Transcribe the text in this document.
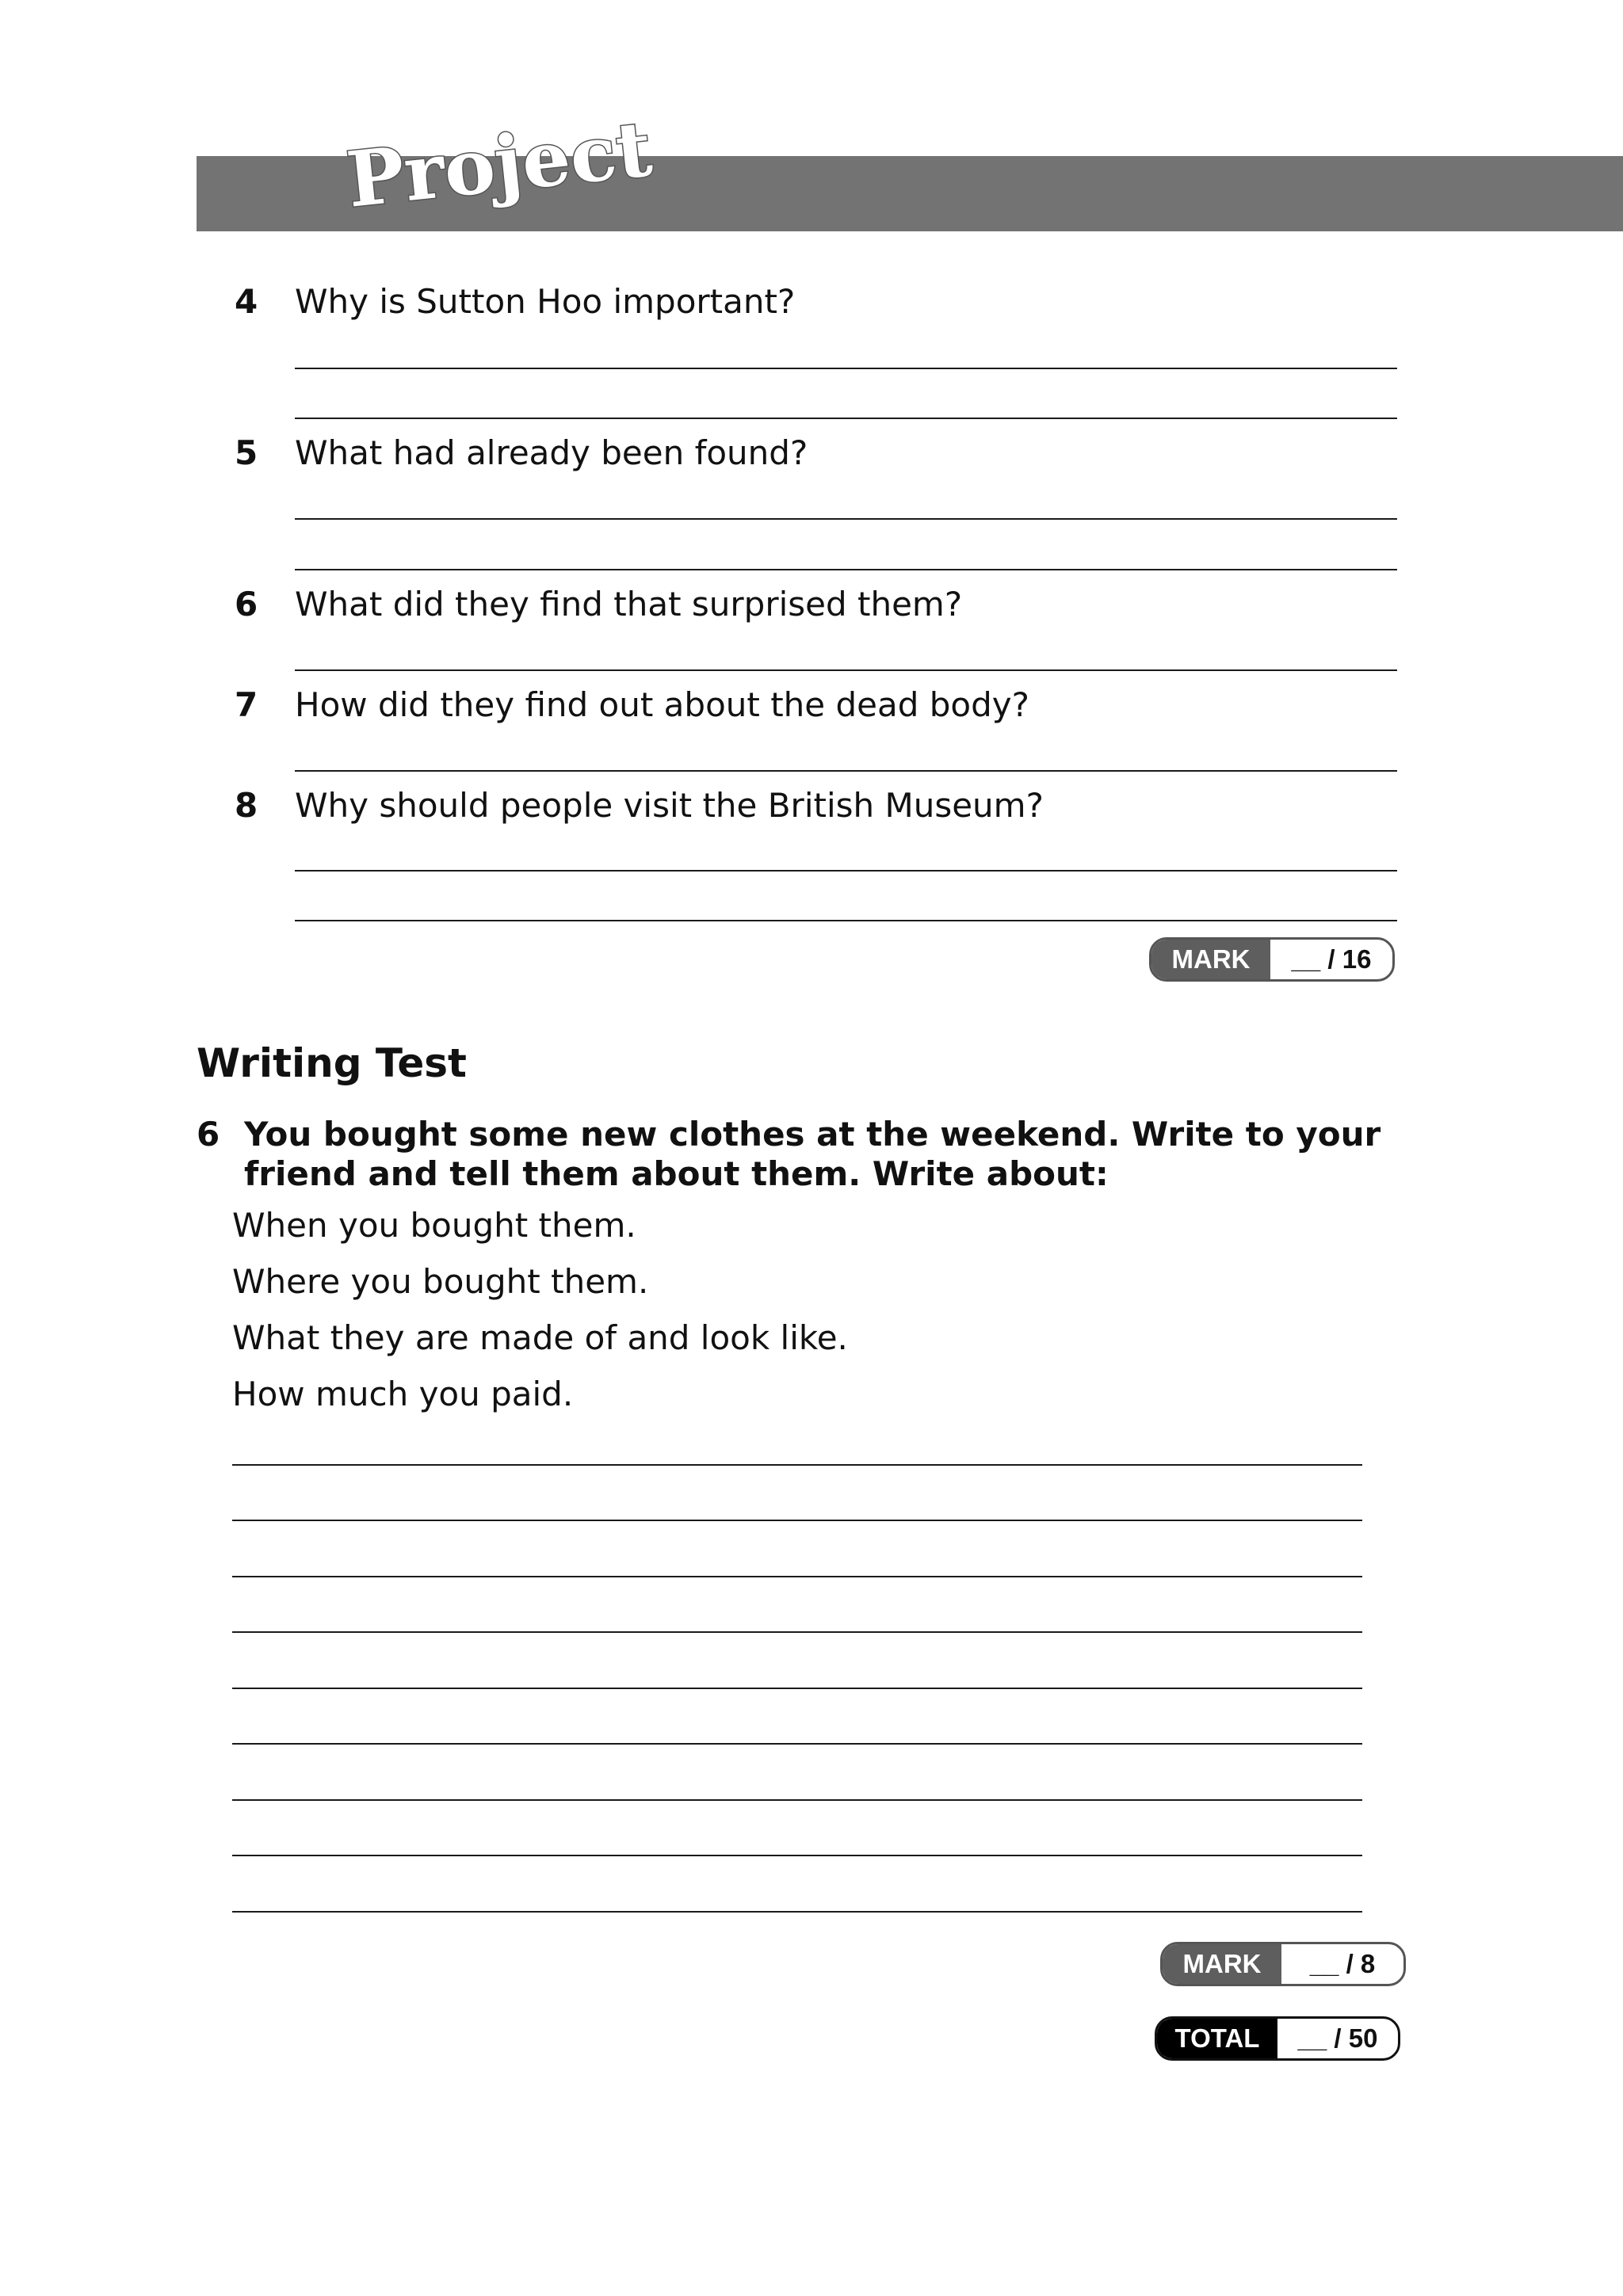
Project
4 Why is Sutton Hoo important?
5 What had already been found?
6 What did they find that surprised them?
7 How did they find out about the dead body?
8 Why should people visit the British Museum?
MARK	__ / 16
Writing Test
6 You bought some new clothes at the weekend. Write to your
friend and tell them about them. Write about:
When you bought them.
Where you bought them.
What they are made of and look like.
How much you paid.
MARK	__ / 8
TOTAL	__ / 50
